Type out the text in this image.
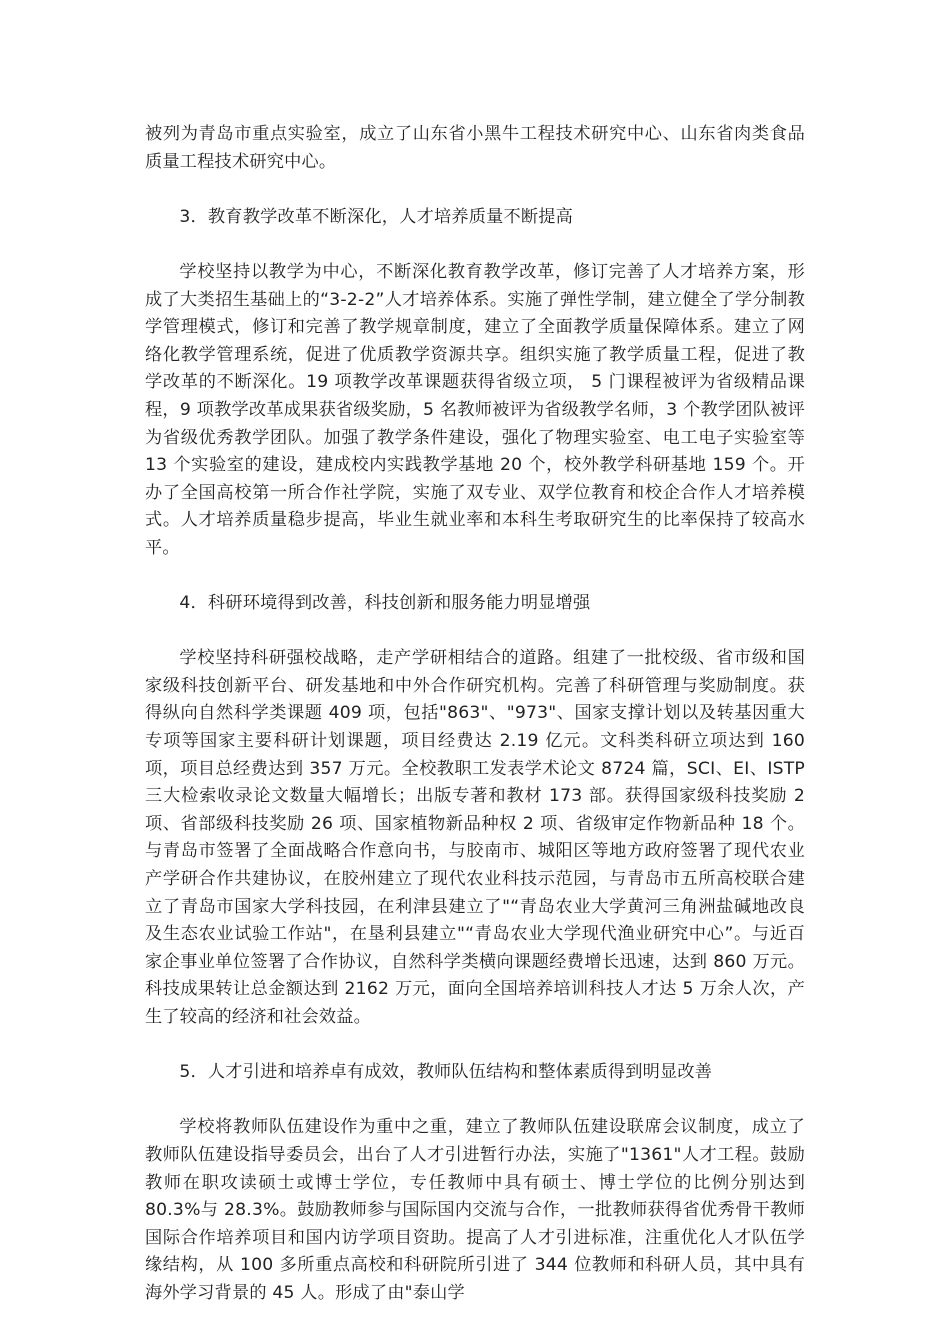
被列为青岛市重点实验室，成立了山东省小黑牛工程技术研究中心、山东省肉类食品质量工程技术研究中心。

3．教育教学改革不断深化，人才培养质量不断提高

学校坚持以教学为中心，不断深化教育教学改革，修订完善了人才培养方案，形成了大类招生基础上的“3-2-2”人才培养体系。实施了弹性学制，建立健全了学分制教学管理模式，修订和完善了教学规章制度，建立了全面教学质量保障体系。建立了网络化教学管理系统，促进了优质教学资源共享。组织实施了教学质量工程，促进了教学改革的不断深化。19 项教学改革课题获得省级立项， 5 门课程被评为省级精品课程，9 项教学改革成果获省级奖励，5 名教师被评为省级教学名师，3 个教学团队被评为省级优秀教学团队。加强了教学条件建设，强化了物理实验室、电工电子实验室等 13 个实验室的建设，建成校内实践教学基地 20 个，校外教学科研基地 159 个。开办了全国高校第一所合作社学院，实施了双专业、双学位教育和校企合作人才培养模式。人才培养质量稳步提高，毕业生就业率和本科生考取研究生的比率保持了较高水平。

4．科研环境得到改善，科技创新和服务能力明显增强

学校坚持科研强校战略，走产学研相结合的道路。组建了一批校级、省市级和国家级科技创新平台、研发基地和中外合作研究机构。完善了科研管理与奖励制度。获得纵向自然科学类课题 409 项，包括"863"、"973"、国家支撑计划以及转基因重大专项等国家主要科研计划课题，项目经费达 2.19 亿元。文科类科研立项达到 160 项，项目总经费达到 357 万元。全校教职工发表学术论文 8724 篇，SCI、EI、ISTP 三大检索收录论文数量大幅增长；出版专著和教材 173 部。获得国家级科技奖励 2 项、省部级科技奖励 26 项、国家植物新品种权 2 项、省级审定作物新品种 18 个。与青岛市签署了全面战略合作意向书，与胶南市、城阳区等地方政府签署了现代农业产学研合作共建协议，在胶州建立了现代农业科技示范园，与青岛市五所高校联合建立了青岛市国家大学科技园，在利津县建立了"“青岛农业大学黄河三角洲盐碱地改良及生态农业试验工作站"，在垦利县建立"“青岛农业大学现代渔业研究中心”。与近百家企事业单位签署了合作协议，自然科学类横向课题经费增长迅速，达到 860 万元。科技成果转让总金额达到 2162 万元，面向全国培养培训科技人才达 5 万余人次，产生了较高的经济和社会效益。

5．人才引进和培养卓有成效，教师队伍结构和整体素质得到明显改善

学校将教师队伍建设作为重中之重，建立了教师队伍建设联席会议制度，成立了教师队伍建设指导委员会，出台了人才引进暂行办法，实施了"1361"人才工程。鼓励教师在职攻读硕士或博士学位，专任教师中具有硕士、博士学位的比例分别达到 80.3%与 28.3%。鼓励教师参与国际国内交流与合作，一批教师获得省优秀骨干教师国际合作培养项目和国内访学项目资助。提高了人才引进标准，注重优化人才队伍学缘结构，从 100 多所重点高校和科研院所引进了 344 位教师和科研人员，其中具有海外学习背景的 45 人。形成了由"泰山学
